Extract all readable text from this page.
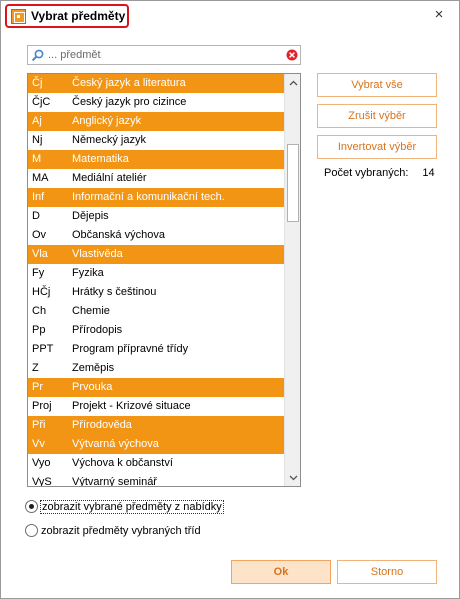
Vybrat předměty	×
... předmět
Čj	Český jazyk a literatura
ČjC	Český jazyk pro cizince
Aj	Anglický jazyk
Nj	Německý jazyk
M	Matematika
MA	Mediální ateliér
Inf	Informační a komunikační tech.
D	Dějepis
Ov	Občanská výchova
Vla	Vlastivěda
Fy	Fyzika
HČj	Hrátky s češtinou
Ch	Chemie
Pp	Přírodopis
PPT	Program přípravné třídy
Z	Zeměpis
Pr	Prvouka
Proj	Projekt - Krizové situace
Při	Přírodověda
Vv	Výtvarná výchova
Vyo	Výchova k občanství
VyS	Výtvarný seminář
Vybrat vše
Zrušit výběr
Invertovat výběr
Počet vybraných: 14
zobrazit vybrané předměty z nabídky
zobrazit předměty vybraných tříd
Ok	Storno
